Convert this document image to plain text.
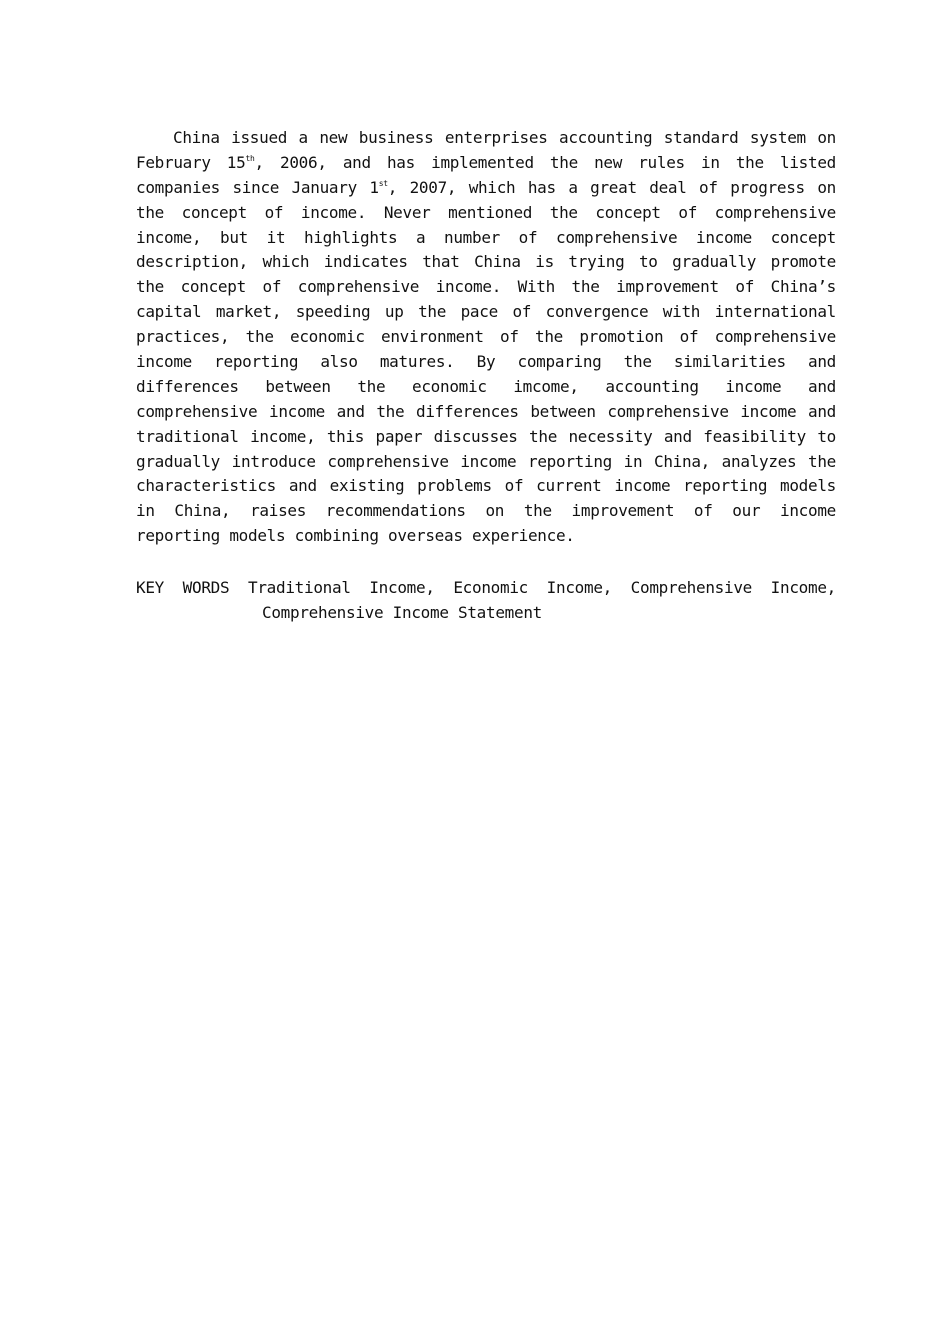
China issued a new business enterprises accounting standard system on
February 15th, 2006, and has implemented the new rules in the listed
companies since January 1st, 2007, which has a great deal of progress on
the concept of income. Never mentioned the concept of comprehensive
income, but it highlights a number of comprehensive income concept
description, which indicates that China is trying to gradually promote
the concept of comprehensive income. With the improvement of China’s
capital market, speeding up the pace of convergence with international
practices, the economic environment of the promotion of comprehensive
income reporting also matures. By comparing the similarities and
differences between the economic imcome, accounting income and
comprehensive income and the differences between comprehensive income and
traditional income, this paper discusses the necessity and feasibility to
gradually introduce comprehensive income reporting in China, analyzes the
characteristics and existing problems of current income reporting models
in China, raises recommendations on the improvement of our income
reporting models combining overseas experience.
KEY WORDS Traditional Income, Economic Income, Comprehensive Income,
Comprehensive Income Statement
